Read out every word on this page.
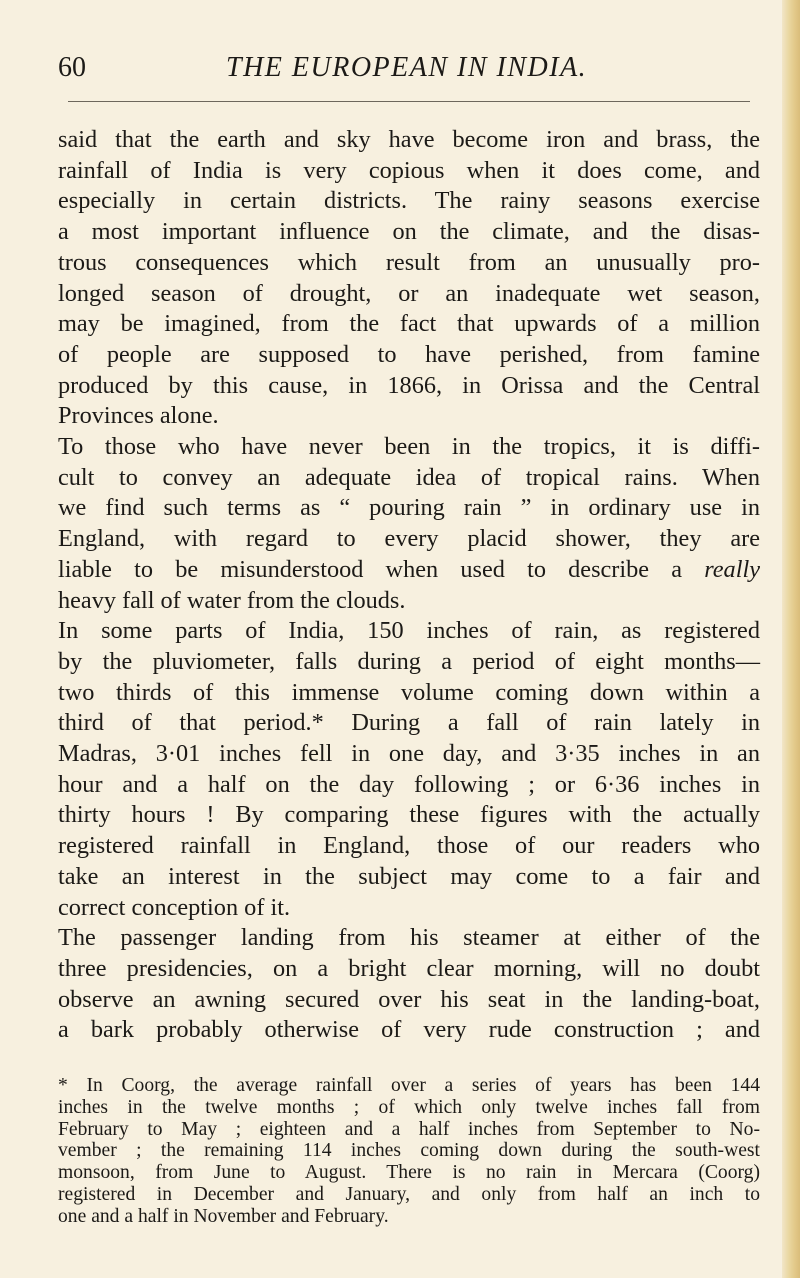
60	THE EUROPEAN IN INDIA.
said that the earth and sky have become iron and brass, the
rainfall of India is very copious when it does come, and
especially in certain districts. The rainy seasons exercise
a most important influence on the climate, and the disas-
trous consequences which result from an unusually pro-
longed season of drought, or an inadequate wet season,
may be imagined, from the fact that upwards of a million
of people are supposed to have perished, from famine
produced by this cause, in 1866, in Orissa and the Central
Provinces alone.
To those who have never been in the tropics, it is diffi-
cult to convey an adequate idea of tropical rains. When
we find such terms as “ pouring rain ” in ordinary use in
England, with regard to every placid shower, they are
liable to be misunderstood when used to describe a really
heavy fall of water from the clouds.
In some parts of India, 150 inches of rain, as registered
by the pluviometer, falls during a period of eight months—
two thirds of this immense volume coming down within a
third of that period.* During a fall of rain lately in
Madras, 3·01 inches fell in one day, and 3·35 inches in an
hour and a half on the day following ; or 6·36 inches in
thirty hours ! By comparing these figures with the actually
registered rainfall in England, those of our readers who
take an interest in the subject may come to a fair and
correct conception of it.
The passenger landing from his steamer at either of the
three presidencies, on a bright clear morning, will no doubt
observe an awning secured over his seat in the landing-boat,
a bark probably otherwise of very rude construction ; and
* In Coorg, the average rainfall over a series of years has been 144
inches in the twelve months ; of which only twelve inches fall from
February to May ; eighteen and a half inches from September to No-
vember ; the remaining 114 inches coming down during the south-west
monsoon, from June to August. There is no rain in Mercara (Coorg)
registered in December and January, and only from half an inch to
one and a half in November and February.
